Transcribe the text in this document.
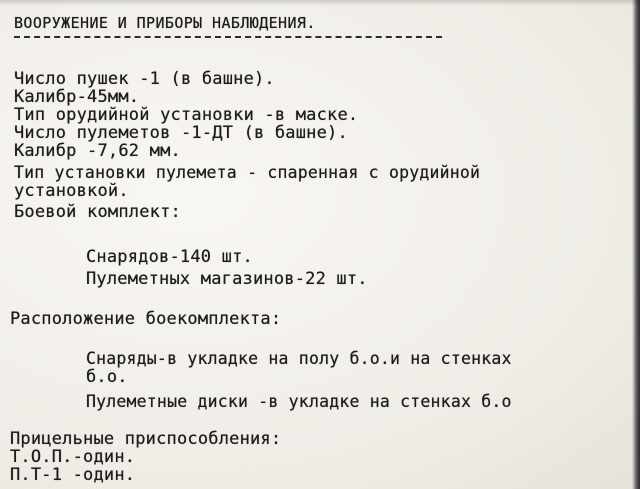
ВООРУЖЕНИЕ И ПРИБОРЫ НАБЛЮДЕНИЯ.
Число пушек -1 (в башне).
Калибр-45мм.
Тип орудийной установки -в маске.
Число пулеметов -1-ДТ (в башне).
Калибр -7,62 мм.
Тип установки пулемета - спаренная с орудийной
установкой.
Боевой комплект:
Снарядов-140 шт.
Пулеметных магазинов-22 шт.
Расположение боекомплекта:
Снаряды-в укладке на полу б.о.и на стенках
б.о.
Пулеметные диски -в укладке на стенках б.о
Прицельные приспособления:
Т.О.П.-один.
П.Т-1 -один.
